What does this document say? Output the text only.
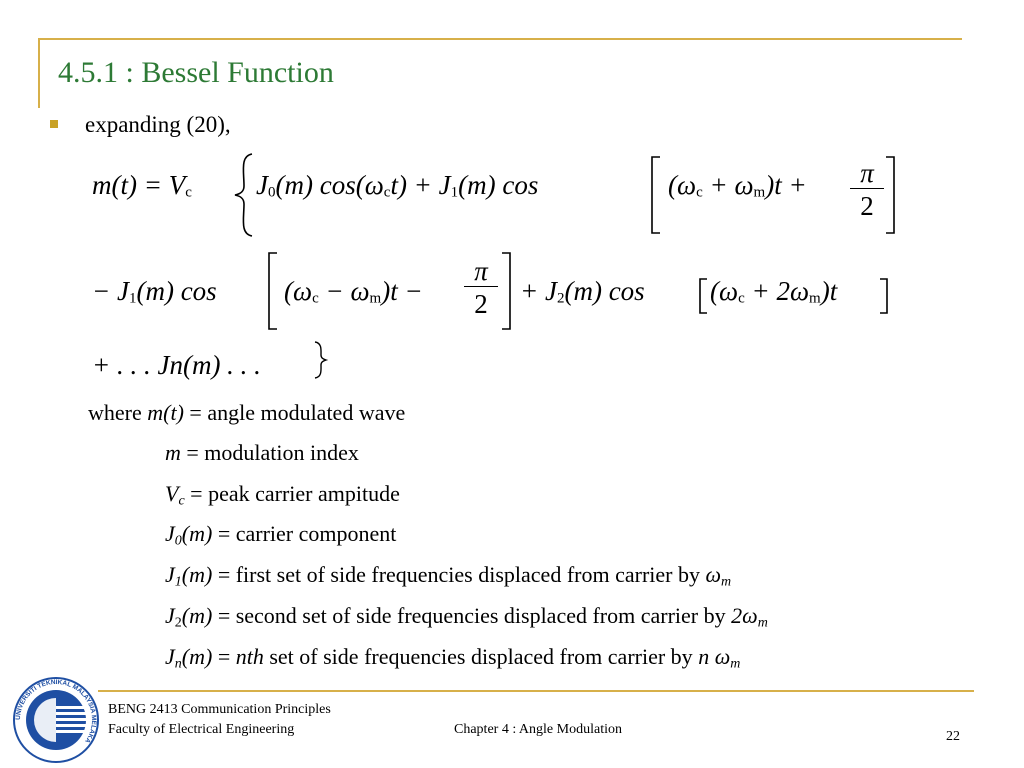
4.5.1 : Bessel Function
expanding (20),
$m(t) = V_c$ $J_0(m) \cos(\omega_ct) + J_1(m)$ cos	$(\omega_c + \omega_m)t + \frac{\pi}{2}$
− $J_1(m)$ $\cos (\omega_c - \omega_m)t - \frac{\pi}{2} + J_2(m)$ $\cos (\omega_c + 2\omega_m)t$
+ . . . Jn(m) . . .
where m(t) = angle modulated wave
m = modulation index
$V_c$ = peak carrier ampitude
$J_0(m)$ = carrier component
$J_1(m)$ = first set of side frequencies displaced from carrier by $\omega_m$
$J_2(m)$ = second set of side frequencies displaced from carrier by $2\omega_m$
$J_n(m)$ = nth set of side frequencies displaced from carrier by n $\omega_m$
UNIVERSITI TEKNIKAL MALAYSIA MELAKA
BENG 2413 Communication Principles
Faculty of Electrical Engineering	Chapter 4 : Angle Modulation	22
